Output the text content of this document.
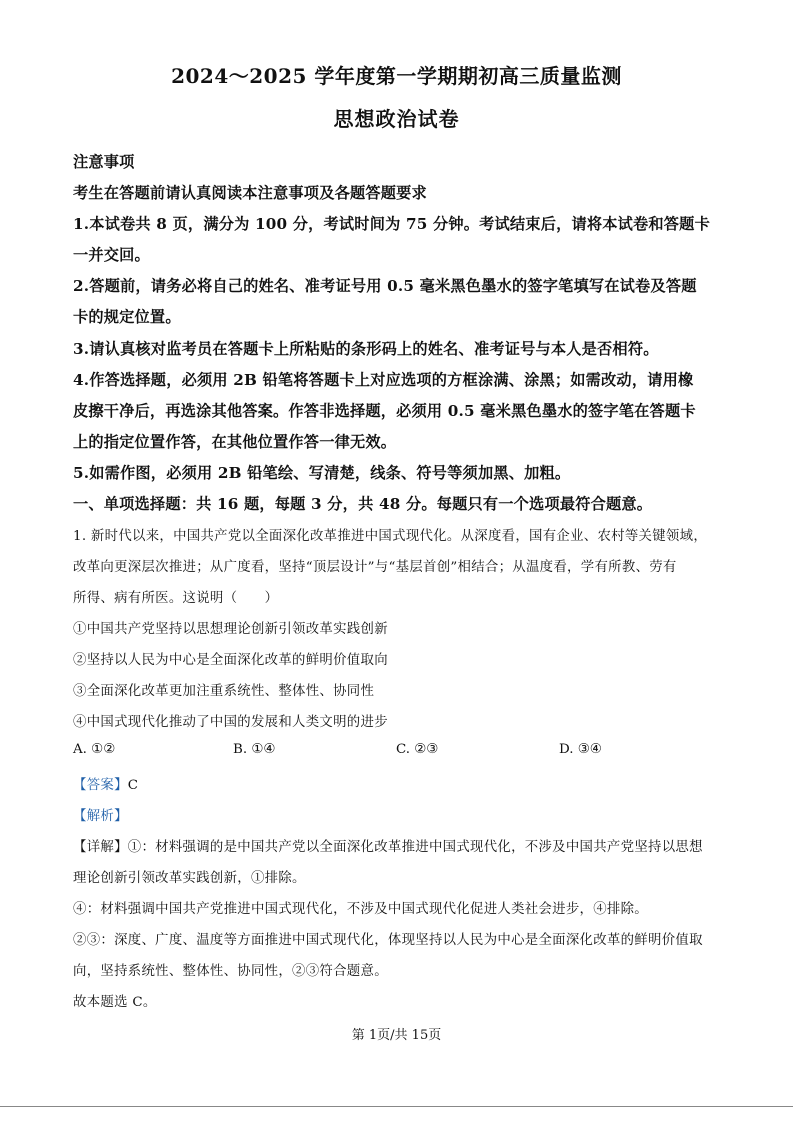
2024～2025 学年度第一学期期初高三质量监测
思想政治试卷
注意事项
考生在答题前请认真阅读本注意事项及各题答题要求
1.本试卷共 8 页，满分为 100 分，考试时间为 75 分钟。考试结束后，请将本试卷和答题卡
一并交回。
2.答题前，请务必将自己的姓名、准考证号用 0.5 毫米黑色墨水的签字笔填写在试卷及答题
卡的规定位置。
3.请认真核对监考员在答题卡上所粘贴的条形码上的姓名、准考证号与本人是否相符。
4.作答选择题，必须用 2B 铅笔将答题卡上对应选项的方框涂满、涂黑；如需改动，请用橡
皮擦干净后，再选涂其他答案。作答非选择题，必须用 0.5 毫米黑色墨水的签字笔在答题卡
上的指定位置作答，在其他位置作答一律无效。
5.如需作图，必须用 2B 铅笔绘、写清楚，线条、符号等须加黑、加粗。
一、单项选择题：共 16 题，每题 3 分，共 48 分。每题只有一个选项最符合题意。
1. 新时代以来，中国共产党以全面深化改革推进中国式现代化。从深度看，国有企业、农村等关键领域，
改革向更深层次推进；从广度看，坚持“顶层设计”与“基层首创”相结合；从温度看，学有所教、劳有
所得、病有所医。这说明（　　）
①中国共产党坚持以思想理论创新引领改革实践创新
②坚持以人民为中心是全面深化改革的鲜明价值取向
③全面深化改革更加注重系统性、整体性、协同性
④中国式现代化推动了中国的发展和人类文明的进步
A. ①②	B. ①④	C. ②③	D. ③④
【答案】C
【解析】
【详解】①：材料强调的是中国共产党以全面深化改革推进中国式现代化，不涉及中国共产党坚持以思想
理论创新引领改革实践创新，①排除。
④：材料强调中国共产党推进中国式现代化，不涉及中国式现代化促进人类社会进步，④排除。
②③：深度、广度、温度等方面推进中国式现代化，体现坚持以人民为中心是全面深化改革的鲜明价值取
向，坚持系统性、整体性、协同性，②③符合题意。
故本题选 C。
第 1页/共 15页
